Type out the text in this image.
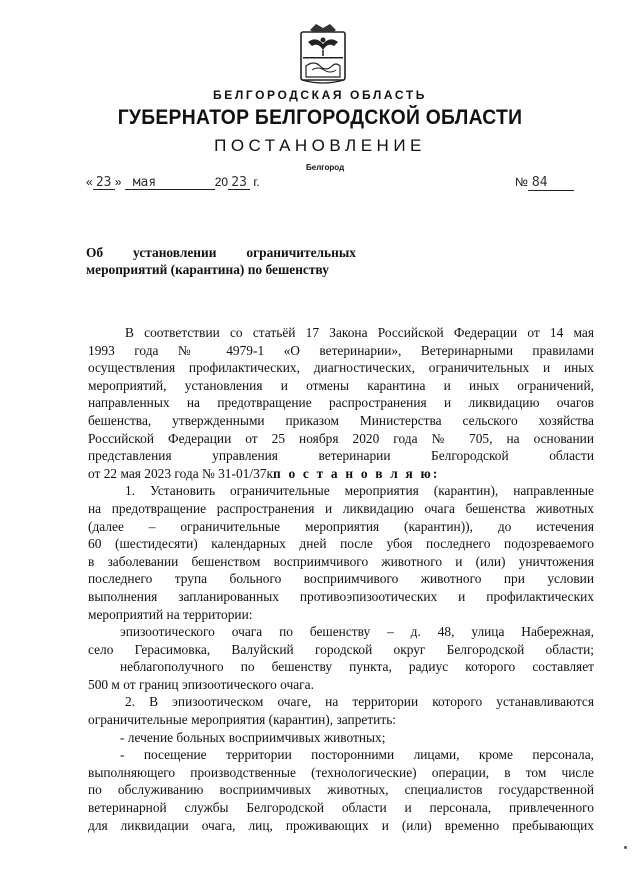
БЕЛГОРОДСКАЯ ОБЛАСТЬ
ГУБЕРНАТОР БЕЛГОРОДСКОЙ ОБЛАСТИ
ПОСТАНОВЛЕНИЕ
Белгород
« 23 » мая	20 23 г.	№ 84
Об установлении ограничительных
мероприятий (карантина) по бешенству
В соответствии со статьёй 17 Закона Российской Федерации от 14 мая
1993 года № 4979-1 «О ветеринарии», Ветеринарными правилами
осуществления профилактических, диагностических, ограничительных и иных
мероприятий, установления и отмены карантина и иных ограничений,
направленных на предотвращение распространения и ликвидацию очагов
бешенства, утвержденными приказом Министерства сельского хозяйства
Российской Федерации от 25 ноября 2020 года № 705, на основании
представления управления ветеринарии Белгородской области
от 22 мая 2023 года № 31-01/37кп о с т а н о в л я ю:
1. Установить ограничительные мероприятия (карантин), направленные
на предотвращение распространения и ликвидацию очага бешенства животных
(далее – ограничительные мероприятия (карантин)), до истечения
60 (шестидесяти) календарных дней после убоя последнего подозреваемого
в заболевании бешенством восприимчивого животного и (или) уничтожения
последнего трупа больного восприимчивого животного при условии
выполнения запланированных противоэпизоотических и профилактических
мероприятий на территории:
эпизоотического очага по бешенству – д. 48, улица Набережная,
село Герасимовка, Валуйский городской округ Белгородской области;
неблагополучного по бешенству пункта, радиус которого составляет
500 м от границ эпизоотического очага.
2. В эпизоотическом очаге, на территории которого устанавливаются
ограничительные мероприятия (карантин), запретить:
- лечение больных восприимчивых животных;
- посещение территории посторонними лицами, кроме персонала,
выполняющего производственные (технологические) операции, в том числе
по обслуживанию восприимчивых животных, специалистов государственной
ветеринарной службы Белгородской области и персонала, привлеченного
для ликвидации очага, лиц, проживающих и (или) временно пребывающих
